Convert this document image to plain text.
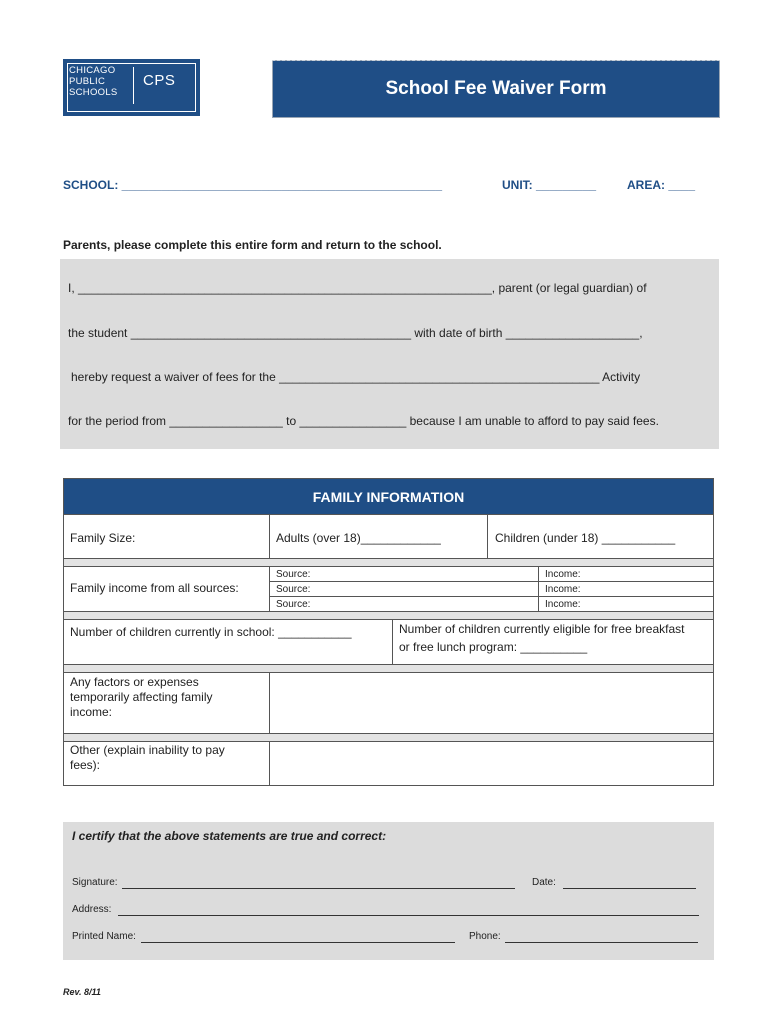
CHICAGO
PUBLIC
SCHOOLS
CPS	School Fee Waiver Form
SCHOOL: ________________________________________________	UNIT: _________	AREA: ____
Parents, please complete this entire form and return to the school.
I, ______________________________________________________________, parent (or legal guardian) of
the student __________________________________________ with date of birth ____________________,
hereby request a waiver of fees for the ________________________________________________ Activity
for the period from _________________ to ________________ because I am unable to afford to pay said fees.
FAMILY INFORMATION
Family Size:	Adults (over 18)____________	Children (under 18) ___________
Family income from all sources:
Source:	Income:
Source:	Income:
Source:	Income:
Number of children currently in school: ___________	Number of children currently eligible for free breakfast
or free lunch program: __________
Any factors or expenses
temporarily affecting family
income:
Other (explain inability to pay
fees):
I certify that the above statements are true and correct:
Signature:	Date:
Address:
Printed Name:	Phone:
Rev. 8/11
